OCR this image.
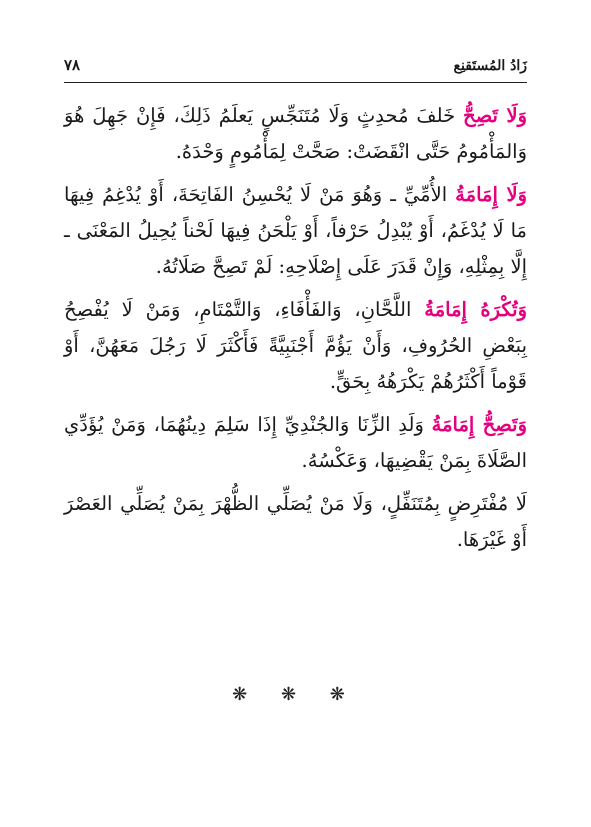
زَادُ المُستَقنِع
٧٨

وَلَا تَصِحُّ خَلفَ مُحدِثٍ وَلَا مُتَنَجِّسٍ يَعلَمُ ذَلِكَ، فَإِنْ جَهِلَ هُوَ وَالمَأْمُومُ حَتَّى انْقَضَتْ: صَحَّتْ لِمَأْمُومٍ وَحْدَهُ.

وَلَا إِمَامَةُ الأُمِّيِّ ـ وَهُوَ مَنْ لَا يُحْسِنُ الفَاتِحَةَ، أَوْ يُدْغِمُ فِيهَا مَا لَا يُدْغَمُ، أَوْ يُبْدِلُ حَرْفاً، أَوْ يَلْحَنُ فِيهَا لَحْناً يُحِيلُ المَعْنَى ـ إِلَّا بِمِثْلِهِ، وَإِنْ قَدَرَ عَلَى إِصْلَاحِهِ: لَمْ تَصِحَّ صَلَاتُهُ.

وَتُكْرَهُ إِمَامَةُ اللَّحَّانِ، وَالفَأْفَاءِ، وَالتَّمْتَامِ، وَمَنْ لَا يُفْصِحُ بِبَعْضِ الحُرُوفِ، وَأَنْ يَؤُمَّ أَجْنَبِيَّةً فَأَكْثَرَ لَا رَجُلَ مَعَهُنَّ، أَوْ قَوْماً أَكْثَرُهُمْ يَكْرَهُهُ بِحَقٍّ.

وَتَصِحُّ إِمَامَةُ وَلَدِ الزِّنَا وَالجُنْدِيِّ إِذَا سَلِمَ دِينُهُمَا، وَمَنْ يُؤَدِّي الصَّلَاةَ بِمَنْ يَقْضِيهَا، وَعَكْسُهُ.

لَا مُفْتَرِضٍ بِمُتَنَفِّلٍ، وَلَا مَنْ يُصَلِّي الظُّهْرَ بِمَنْ يُصَلِّي العَصْرَ أَوْ غَيْرَهَا.

❋ ❋ ❋
